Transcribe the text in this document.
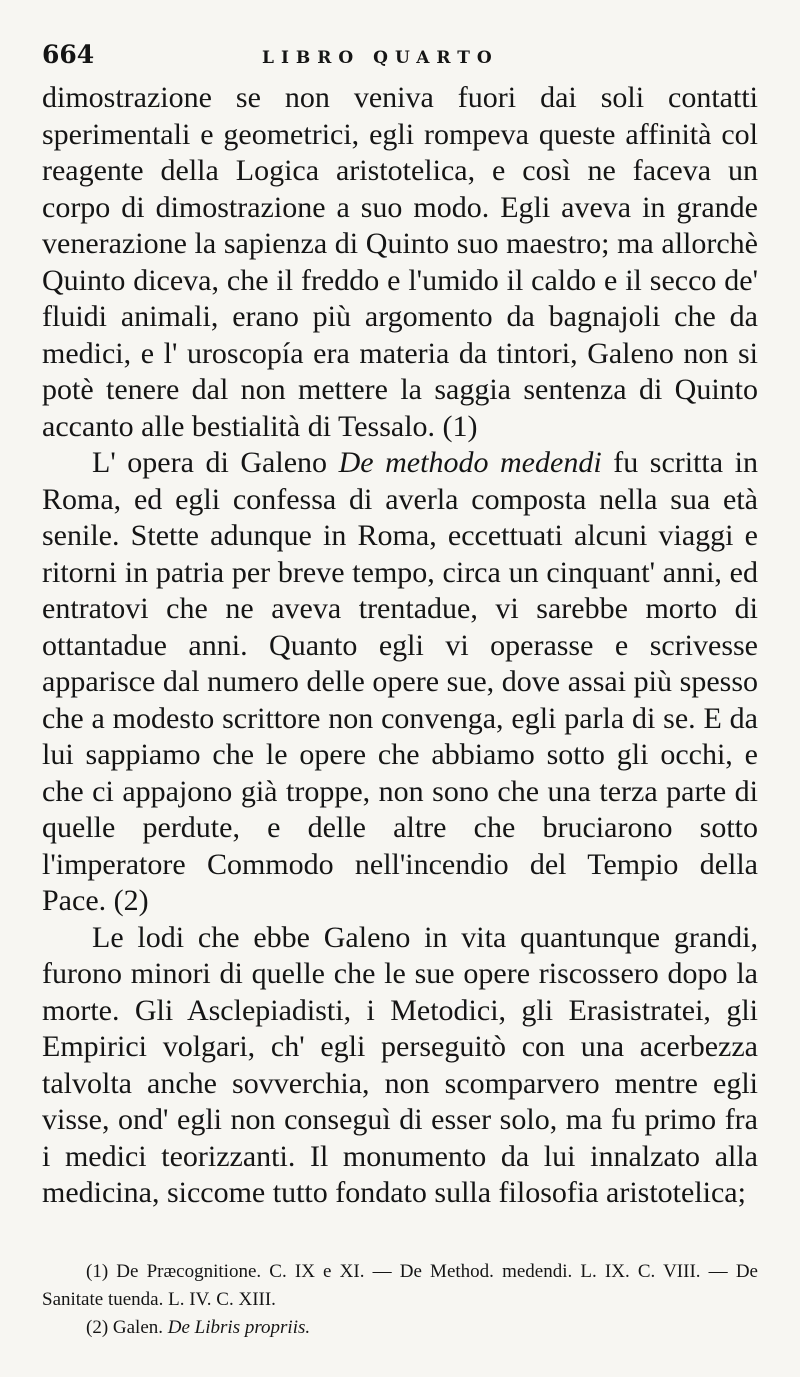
664	LIBRO QUARTO

dimostrazione se non veniva fuori dai soli contatti sperimentali e geometrici, egli rompeva queste affinità col reagente della Logica aristotelica, e così ne faceva un corpo di dimostrazione a suo modo. Egli aveva in grande venerazione la sapienza di Quinto suo maestro; ma allorchè Quinto diceva, che il freddo e l'umido il caldo e il secco de' fluidi animali, erano più argomento da bagnajoli che da medici, e l' uroscopía era materia da tintori, Galeno non si potè tenere dal non mettere la saggia sentenza di Quinto accanto alle bestialità di Tessalo. (1)

L' opera di Galeno De methodo medendi fu scritta in Roma, ed egli confessa di averla composta nella sua età senile. Stette adunque in Roma, eccettuati alcuni viaggi e ritorni in patria per breve tempo, circa un cinquant' anni, ed entratovi che ne aveva trentadue, vi sarebbe morto di ottantadue anni. Quanto egli vi operasse e scrivesse apparisce dal numero delle opere sue, dove assai più spesso che a modesto scrittore non convenga, egli parla di se. E da lui sappiamo che le opere che abbiamo sotto gli occhi, e che ci appajono già troppe, non sono che una terza parte di quelle perdute, e delle altre che bruciarono sotto l'imperatore Commodo nell'incendio del Tempio della Pace. (2)

Le lodi che ebbe Galeno in vita quantunque grandi, furono minori di quelle che le sue opere riscossero dopo la morte. Gli Asclepiadisti, i Metodici, gli Erasistratei, gli Empirici volgari, ch' egli perseguitò con una acerbezza talvolta anche sovverchia, non scomparvero mentre egli visse, ond' egli non conseguì di esser solo, ma fu primo fra i medici teorizzanti. Il monumento da lui innalzato alla medicina, siccome tutto fondato sulla filosofia aristotelica;

(1) De Præcognitione. C. IX e XI. — De Method. medendi. L. IX. C. VIII. — De Sanitate tuenda. L. IV. C. XIII.

(2) Galen. De Libris propriis.
